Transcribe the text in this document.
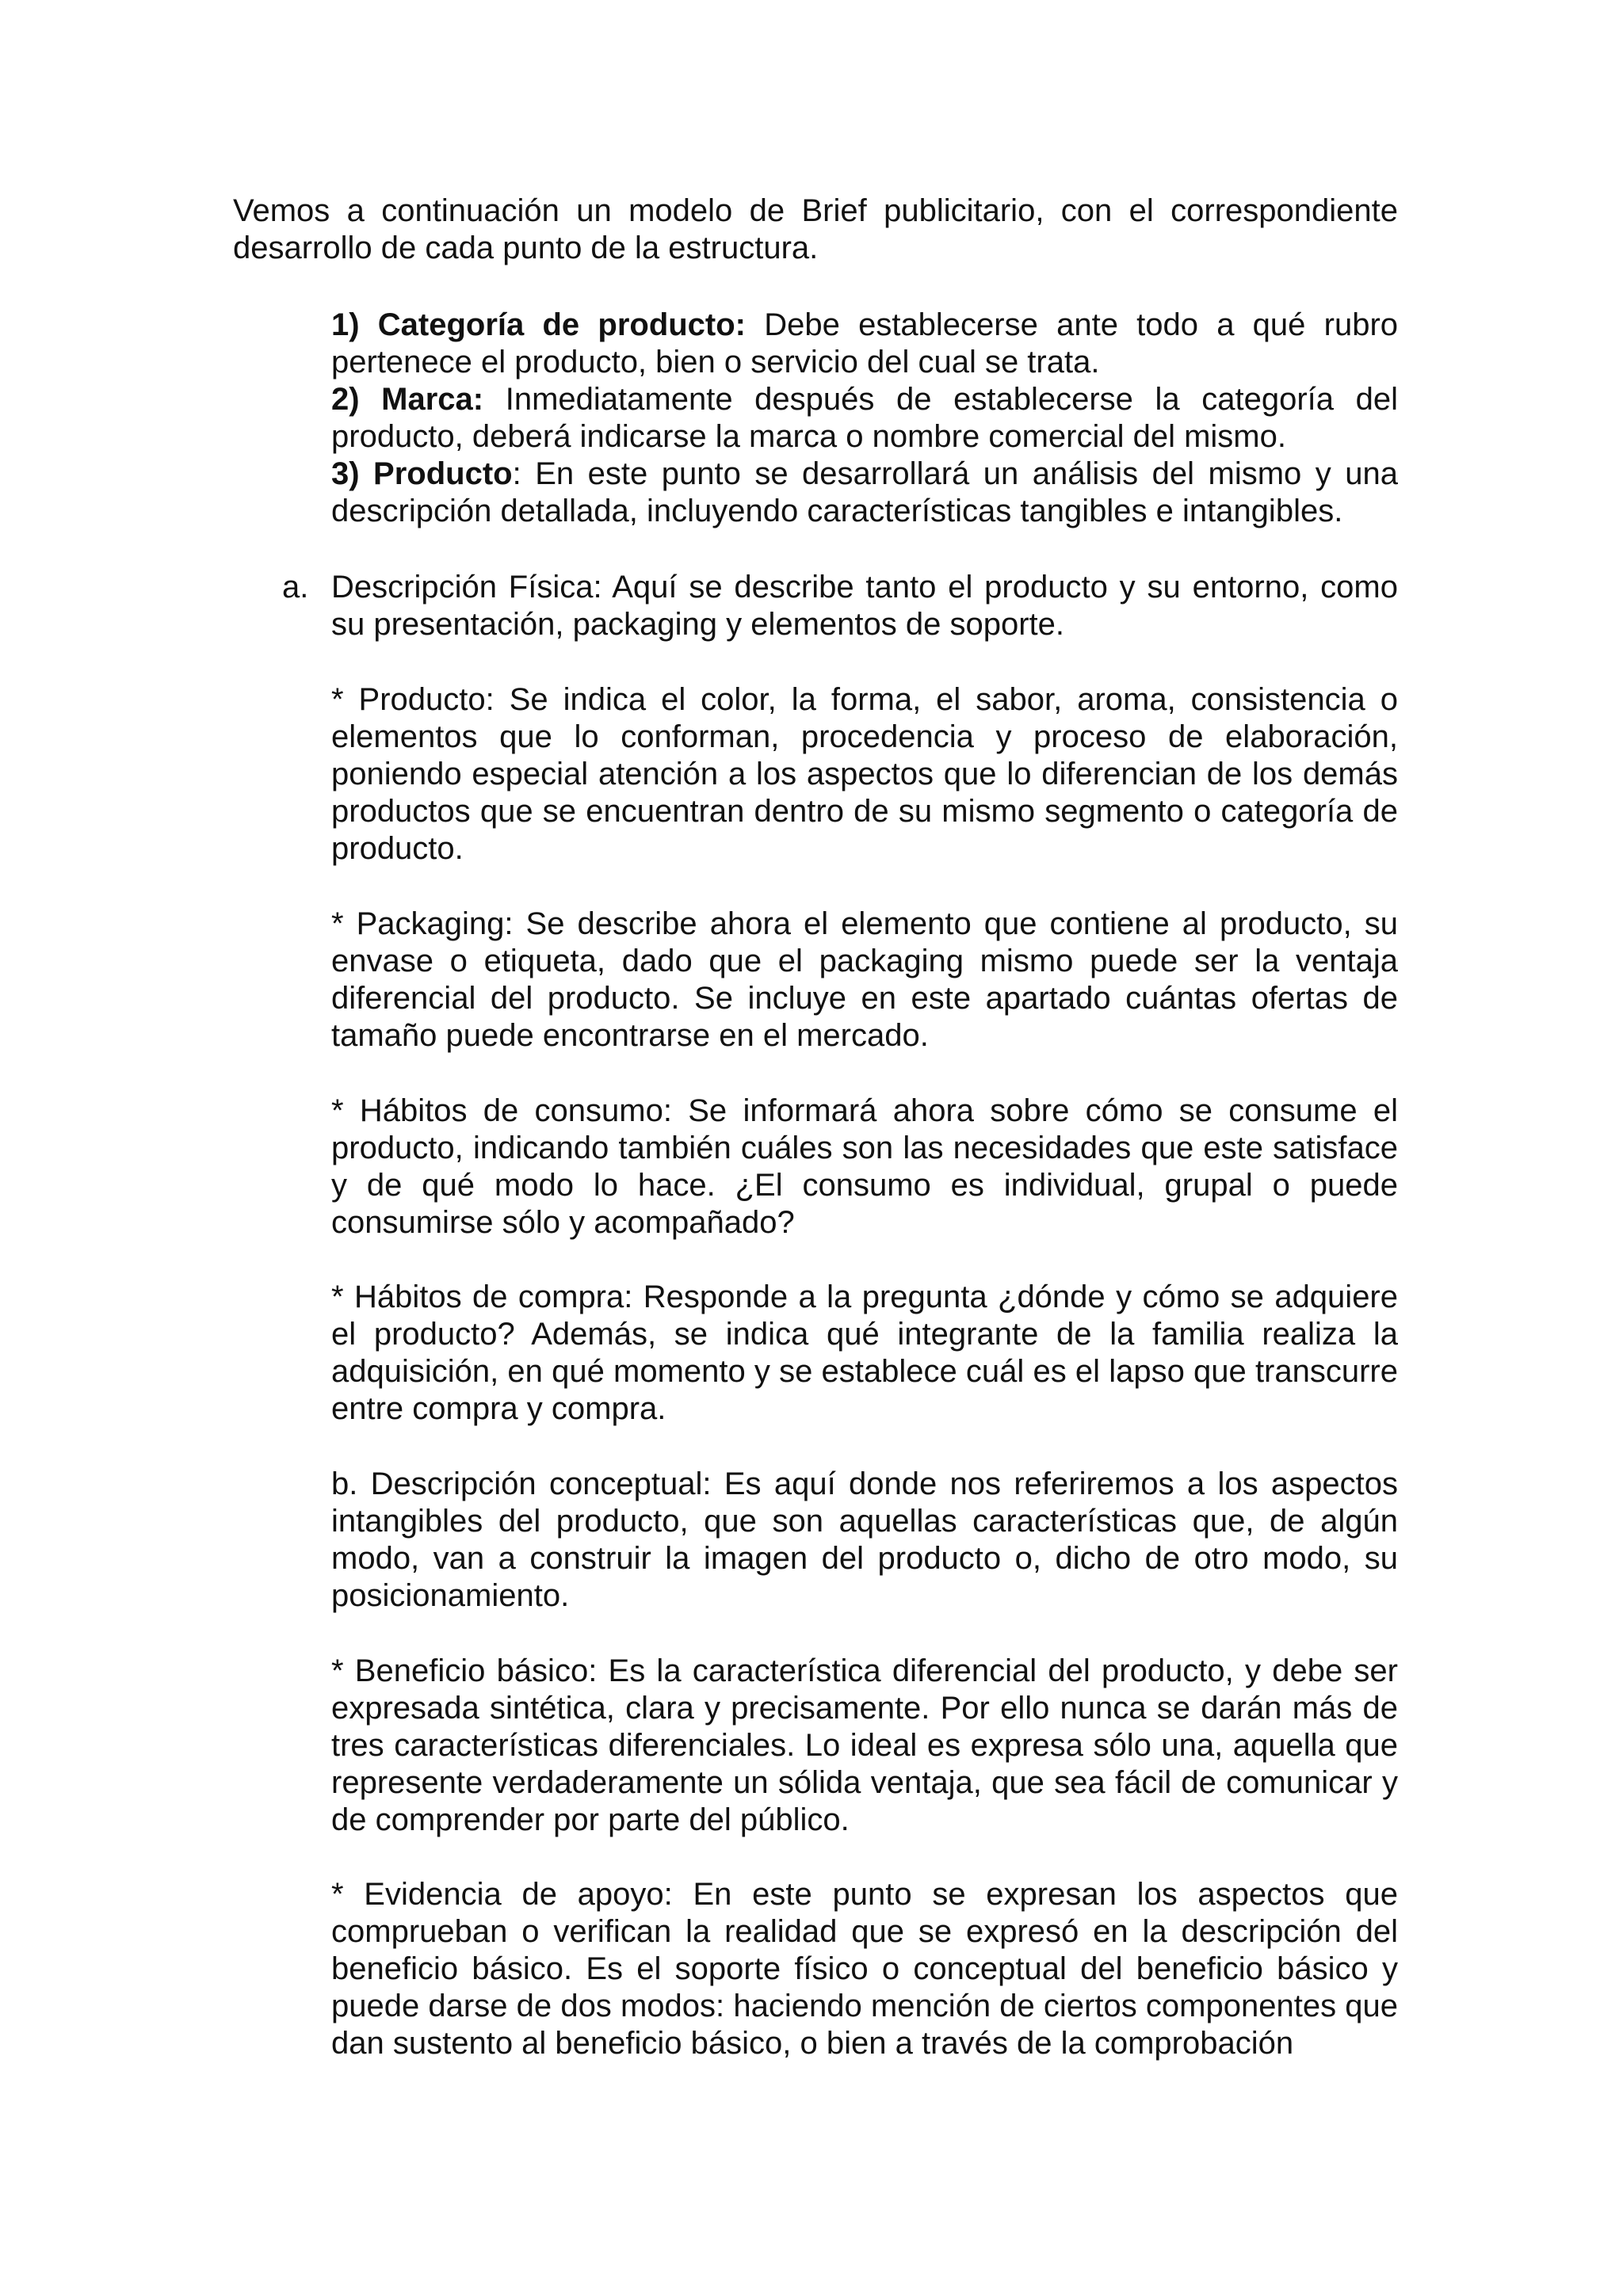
Vemos a continuación un modelo de Brief publicitario, con el correspondiente desarrollo de cada punto de la estructura.

1) Categoría de producto: Debe establecerse ante todo a qué rubro pertenece el producto, bien o servicio del cual se trata.

2) Marca: Inmediatamente después de establecerse la categoría del producto, deberá indicarse la marca o nombre comercial del mismo.

3) Producto: En este punto se desarrollará un análisis del mismo y una descripción detallada, incluyendo características tangibles e intangibles.

a. Descripción Física: Aquí se describe tanto el producto y su entorno, como su presentación, packaging y elementos de soporte.

* Producto: Se indica el color, la forma, el sabor, aroma, consistencia o elementos que lo conforman, procedencia y proceso de elaboración, poniendo especial atención a los aspectos que lo diferencian de los demás productos que se encuentran dentro de su mismo segmento o categoría de producto.

* Packaging: Se describe ahora el elemento que contiene al producto, su envase o etiqueta, dado que el packaging mismo puede ser la ventaja diferencial del producto. Se incluye en este apartado cuántas ofertas de tamaño puede encontrarse en el mercado.

* Hábitos de consumo: Se informará ahora sobre cómo se consume el producto, indicando también cuáles son las necesidades que este satisface y de qué modo lo hace. ¿El consumo es individual, grupal o puede consumirse sólo y acompañado?

* Hábitos de compra: Responde a la pregunta ¿dónde y cómo se adquiere el producto? Además, se indica qué integrante de la familia realiza la adquisición, en qué momento y se establece cuál es el lapso que transcurre entre compra y compra.

b. Descripción conceptual: Es aquí donde nos referiremos a los aspectos intangibles del producto, que son aquellas características que, de algún modo, van a construir la imagen del producto o, dicho de otro modo, su posicionamiento.

* Beneficio básico: Es la característica diferencial del producto, y debe ser expresada sintética, clara y precisamente. Por ello nunca se darán más de tres características diferenciales. Lo ideal es expresa sólo una, aquella que represente verdaderamente un sólida ventaja, que sea fácil de comunicar y de comprender por parte del público.

* Evidencia de apoyo: En este punto se expresan los aspectos que comprueban o verifican la realidad que se expresó en la descripción del beneficio básico. Es el soporte físico o conceptual del beneficio básico y puede darse de dos modos: haciendo mención de ciertos componentes que dan sustento al beneficio básico, o bien a través de la comprobación
